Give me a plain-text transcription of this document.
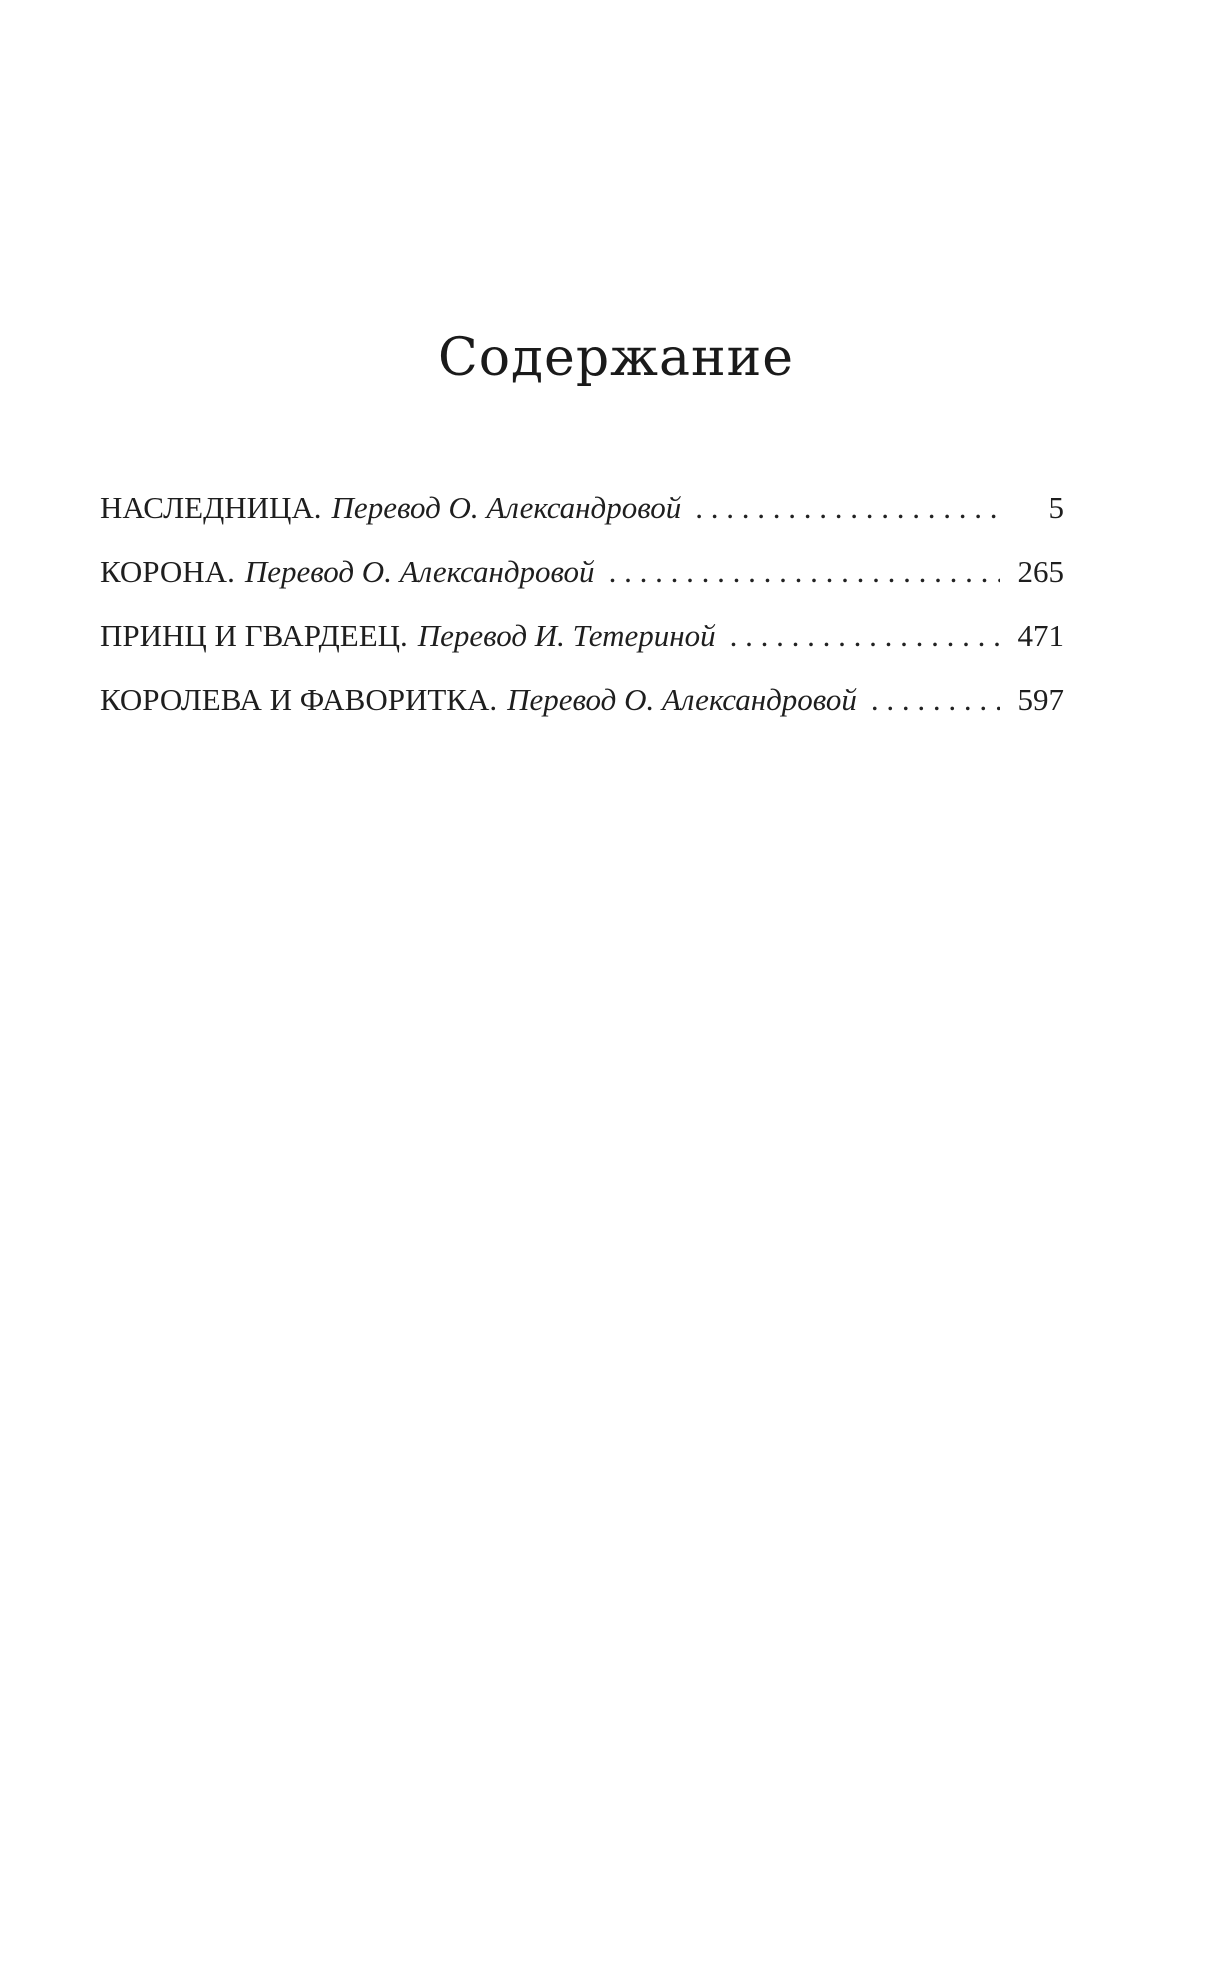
Содержание
НАСЛЕДНИЦА. Перевод О. Александровой . . .	5
КОРОНА. Перевод О. Александровой . . .	265
ПРИНЦ И ГВАРДЕЕЦ. Перевод И. Тетериной . . .	471
КОРОЛЕВА И ФАВОРИТКА. Перевод О. Александровой . . .	597
